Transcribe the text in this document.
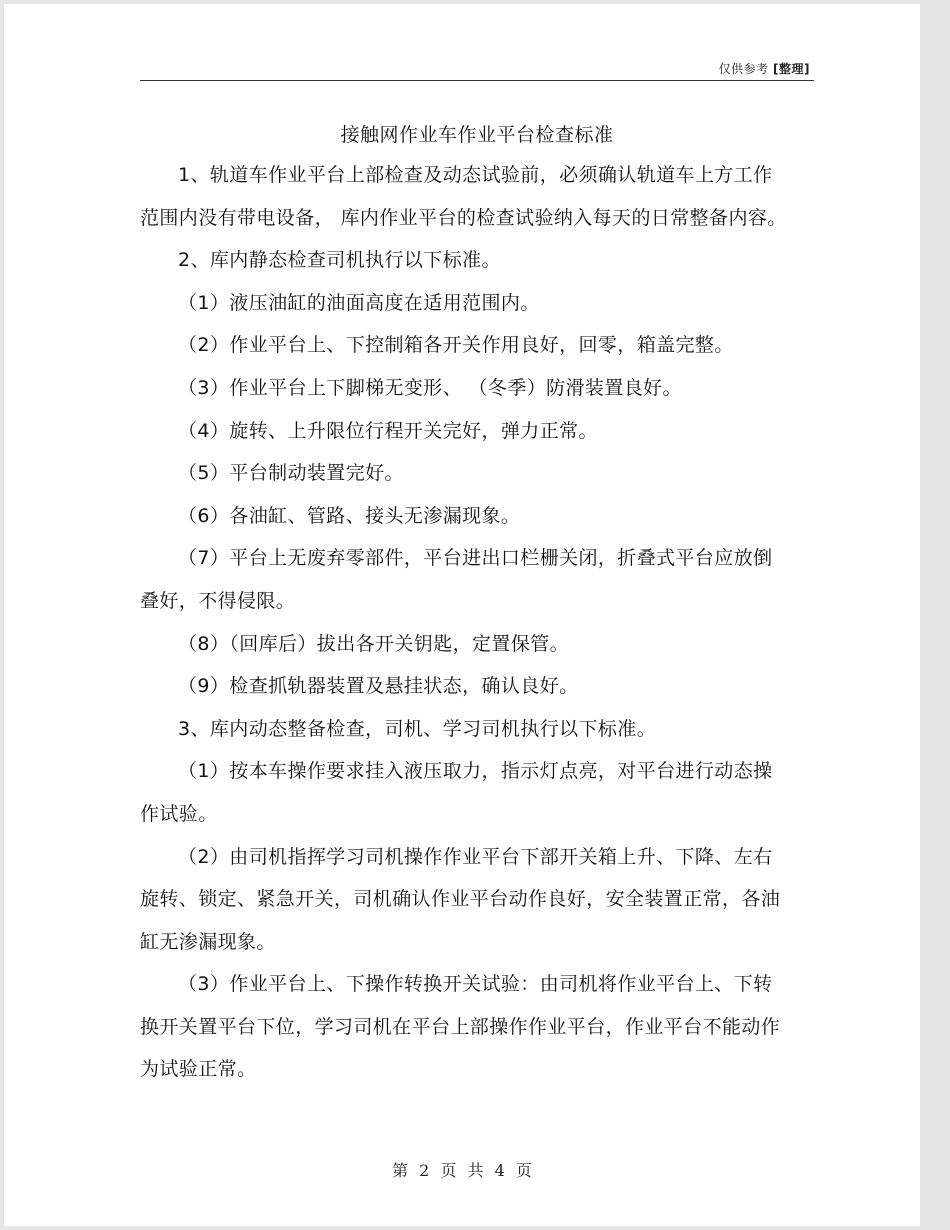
仅供参考 [整理]
接触网作业车作业平台检查标准

1、轨道车作业平台上部检查及动态试验前，必须确认轨道车上方工作范围内没有带电设备， 库内作业平台的检查试验纳入每天的日常整备内容。

2、库内静态检查司机执行以下标准。

（1）液压油缸的油面高度在适用范围内。

（2）作业平台上、下控制箱各开关作用良好，回零，箱盖完整。

（3）作业平台上下脚梯无变形、 （冬季）防滑装置良好。

（4）旋转、上升限位行程开关完好，弹力正常。

（5）平台制动装置完好。

（6）各油缸、管路、接头无渗漏现象。

（7）平台上无废弃零部件，平台进出口栏栅关闭，折叠式平台应放倒叠好，不得侵限。

（8）（回库后）拔出各开关钥匙，定置保管。

（9）检查抓轨器装置及悬挂状态，确认良好。

3、库内动态整备检查，司机、学习司机执行以下标准。

（1）按本车操作要求挂入液压取力，指示灯点亮，对平台进行动态操作试验。

（2）由司机指挥学习司机操作作业平台下部开关箱上升、下降、左右旋转、锁定、紧急开关，司机确认作业平台动作良好，安全装置正常，各油缸无渗漏现象。

（3）作业平台上、下操作转换开关试验：由司机将作业平台上、下转换开关置平台下位，学习司机在平台上部操作作业平台，作业平台不能动作为试验正常。

第 2 页 共 4 页
